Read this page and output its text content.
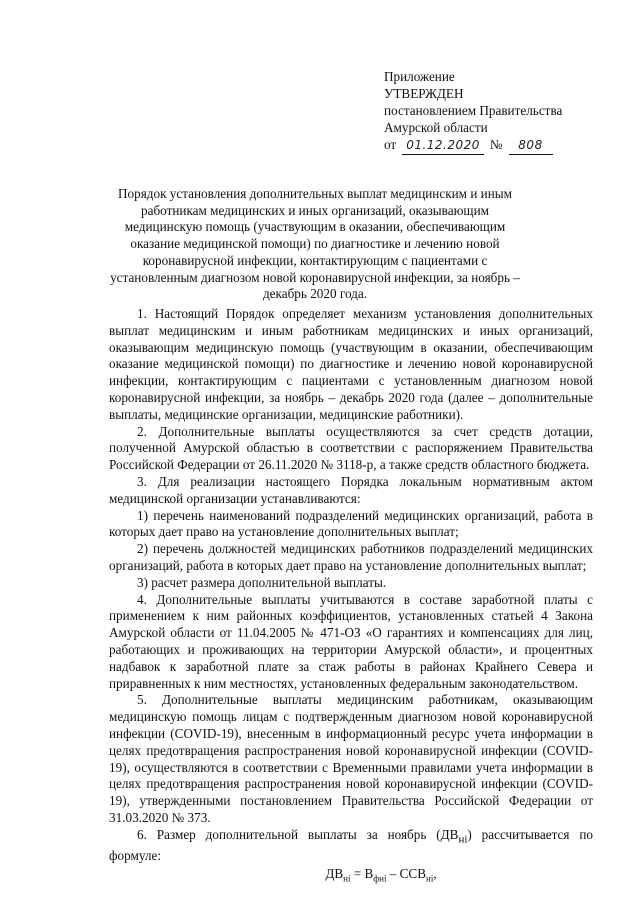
Приложение
УТВЕРЖДЕН
постановлением Правительства
Амурской области
от 01.12.2020 №	808
Порядок установления дополнительных выплат медицинским и иным работникам медицинских и иных организаций, оказывающим медицинскую помощь (участвующим в оказании, обеспечивающим оказание медицинской помощи) по диагностике и лечению новой коронавирусной инфекции, контактирующим с пациентами с установленным диагнозом новой коронавирусной инфекции, за ноябрь – декабрь 2020 года.

1. Настоящий Порядок определяет механизм установления дополнительных выплат медицинским и иным работникам медицинских и иных организаций, оказывающим медицинскую помощь (участвующим в оказании, обеспечивающим оказание медицинской помощи) по диагностике и лечению новой коронавирусной инфекции, контактирующим с пациентами с установленным диагнозом новой коронавирусной инфекции, за ноябрь – декабрь 2020 года (далее – дополнительные выплаты, медицинские организации, медицинские работники).

2. Дополнительные выплаты осуществляются за счет средств дотации, полученной Амурской областью в соответствии с распоряжением Правительства Российской Федерации от 26.11.2020 № 3118-р, а также средств областного бюджета.

3. Для реализации настоящего Порядка локальным нормативным актом медицинской организации устанавливаются:

1) перечень наименований подразделений медицинских организаций, работа в которых дает право на установление дополнительных выплат;

2) перечень должностей медицинских работников подразделений медицинских организаций, работа в которых дает право на установление дополнительных выплат;

3) расчет размера дополнительной выплаты.

4. Дополнительные выплаты учитываются в составе заработной платы с применением к ним районных коэффициентов, установленных статьей 4 Закона Амурской области от 11.04.2005 № 471-ОЗ «О гарантиях и компенсациях для лиц, работающих и проживающих на территории Амурской области», и процентных надбавок к заработной плате за стаж работы в районах Крайнего Севера и приравненных к ним местностях, установленных федеральным законодательством.

5. Дополнительные выплаты медицинским работникам, оказывающим медицинскую помощь лицам с подтвержденным диагнозом новой коронавирусной инфекции (COVID-19), внесенным в информационный ресурс учета информации в целях предотвращения распространения новой коронавирусной инфекции (COVID-19), осуществляются в соответствии с Временными правилами учета информации в целях предотвращения распространения новой коронавирусной инфекции (COVID-19), утвержденными постановлением Правительства Российской Федерации от 31.03.2020 № 373.

6. Размер дополнительной выплаты за ноябрь $(ДВ_{ні})$ рассчитывается по формуле:

$ДВ_{ні} = В_{фні} - ССВ_{ні}$,
